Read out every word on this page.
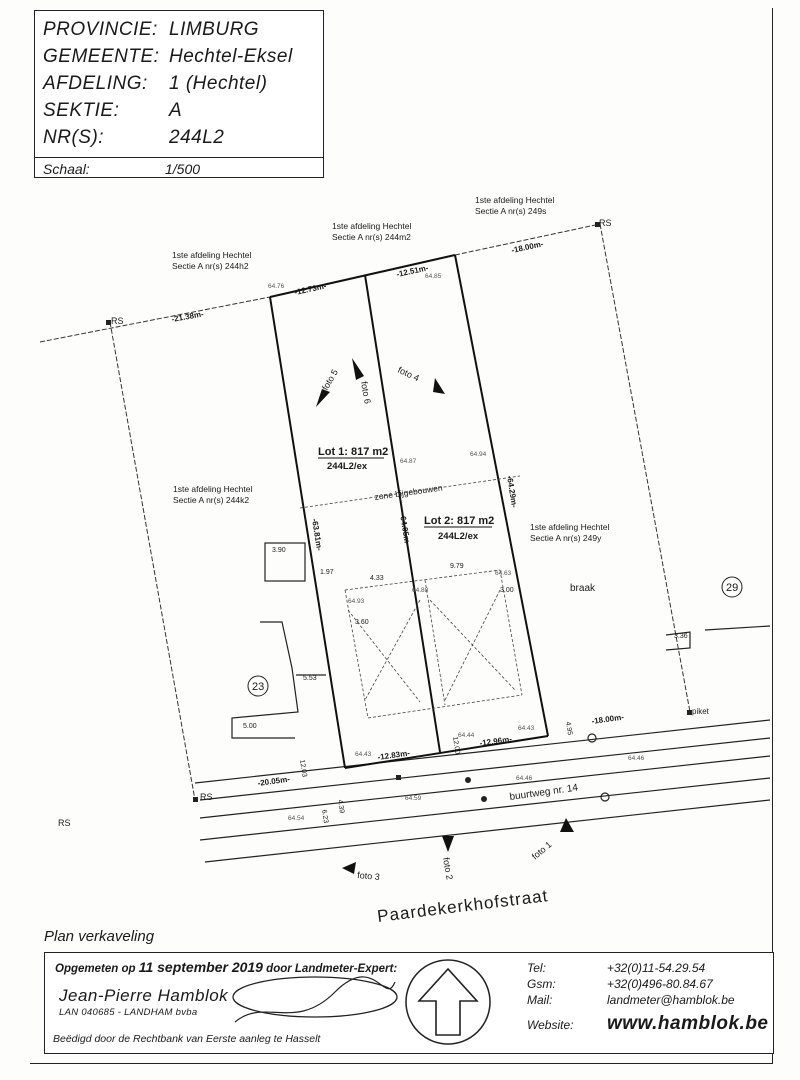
PROVINCIE: LIMBURG
GEMEENTE: Hechtel-Eksel
AFDELING: 1 (Hechtel)
SEKTIE:	A
NR(S):	244L2
Schaal:	1/500
1ste afdeling Hechtel
Sectie A nr(s) 244h2
1ste afdeling Hechtel
Sectie A nr(s) 244m2
1ste afdeling Hechtel
Sectie A nr(s) 249s
1ste afdeling Hechtel
Sectie A nr(s) 244k2
1ste afdeling Hechtel
Sectie A nr(s) 249y
braak
Lot 1: 817 m2
244L2/ex
Lot 2: 817 m2
244L2/ex
zone bijgebouwen
-21.38m-
-12.73m-
-12.51m-
-18.00m-
-63.81m-	-64.05m-
-64.29m-
-12.83m-
-12.96m-
-18.00m-
-20.05m-
5.53
1.97
3.36
5.00
3.90
12.03
12.00
4.33
9.79
3.00
3.60
4.95
6.23
4.39
64.76
64.85
64.87
64.94
64.63
64.88
64.93
64.43
64.44
64.43
64.46
64.46
64.59
64.54
RS
RS
RS
RS
piket
23
29
buurtweg nr. 14
foto 5
foto 6
foto 4
foto 1
foto 2
foto 3
Paardekerkhofstraat
Plan verkaveling
Opgemeten op 11 september 2019 door Landmeter-Expert:
Jean-Pierre Hamblok
LAN 040685 - LANDHAM bvba
Beëdigd door de Rechtbank van Eerste aanleg te Hasselt
Tel:	+32(0)11-54.29.54
Gsm:	+32(0)496-80.84.67
Mail:	landmeter@hamblok.be
Website: www.hamblok.be
